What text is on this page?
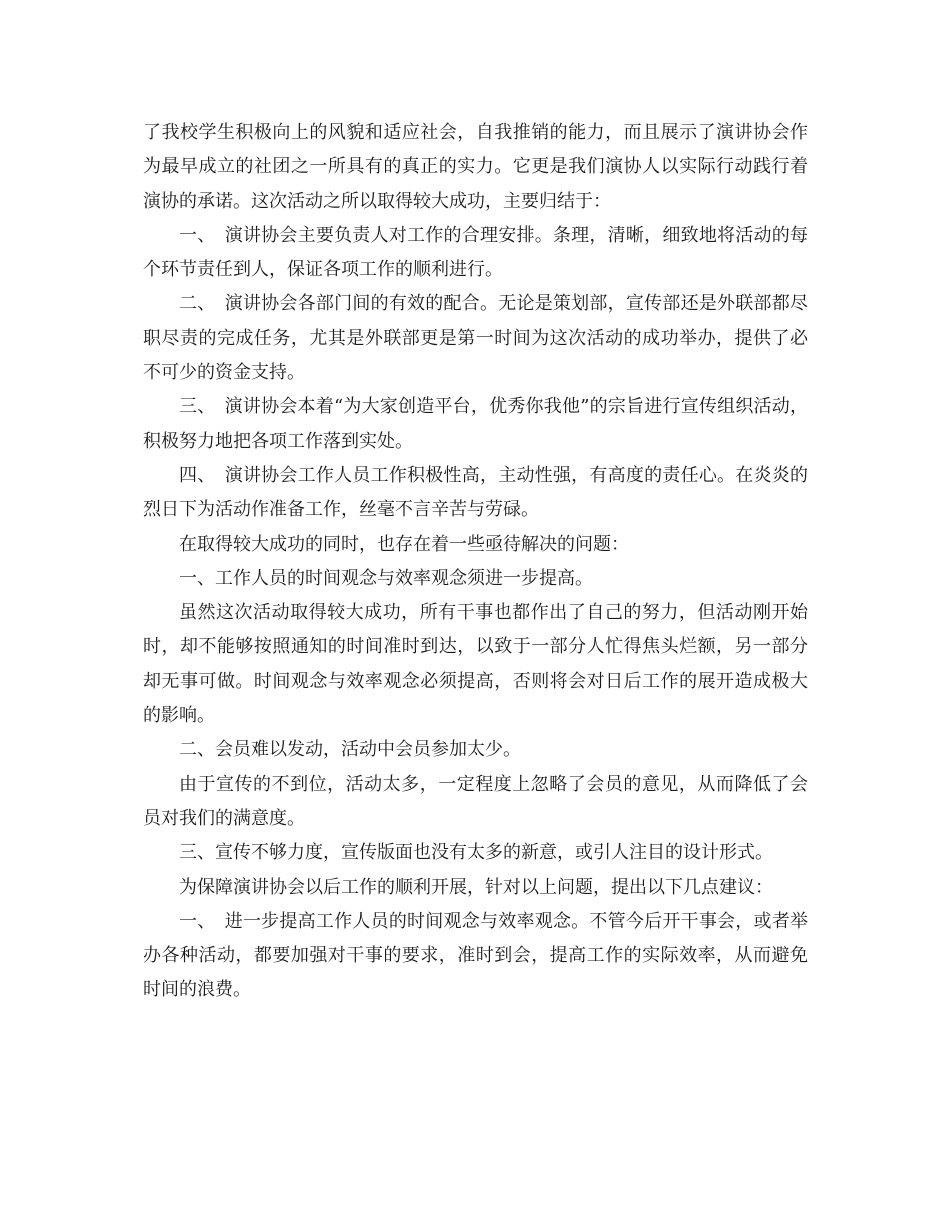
了我校学生积极向上的风貌和适应社会，自我推销的能力，而且展示了演讲协会作为最早成立的社团之一所具有的真正的实力。它更是我们演协人以实际行动践行着演协的承诺。这次活动之所以取得较大成功，主要归结于：

一、　演讲协会主要负责人对工作的合理安排。条理，清晰，细致地将活动的每个环节责任到人，保证各项工作的顺利进行。

二、　演讲协会各部门间的有效的配合。无论是策划部，宣传部还是外联部都尽职尽责的完成任务，尤其是外联部更是第一时间为这次活动的成功举办，提供了必不可少的资金支持。

三、　演讲协会本着“为大家创造平台，优秀你我他”的宗旨进行宣传组织活动，积极努力地把各项工作落到实处。

四、　演讲协会工作人员工作积极性高，主动性强，有高度的责任心。在炎炎的烈日下为活动作准备工作，丝毫不言辛苦与劳碌。

在取得较大成功的同时，也存在着一些亟待解决的问题：

一、工作人员的时间观念与效率观念须进一步提高。

虽然这次活动取得较大成功，所有干事也都作出了自己的努力，但活动刚开始时，却不能够按照通知的时间准时到达，以致于一部分人忙得焦头烂额，另一部分却无事可做。时间观念与效率观念必须提高，否则将会对日后工作的展开造成极大的影响。

二、会员难以发动，活动中会员参加太少。

由于宣传的不到位，活动太多，一定程度上忽略了会员的意见，从而降低了会员对我们的满意度。

三、宣传不够力度，宣传版面也没有太多的新意，或引人注目的设计形式。

为保障演讲协会以后工作的顺利开展，针对以上问题，提出以下几点建议：

一、　进一步提高工作人员的时间观念与效率观念。不管今后开干事会，或者举办各种活动，都要加强对干事的要求，准时到会，提高工作的实际效率，从而避免时间的浪费。
